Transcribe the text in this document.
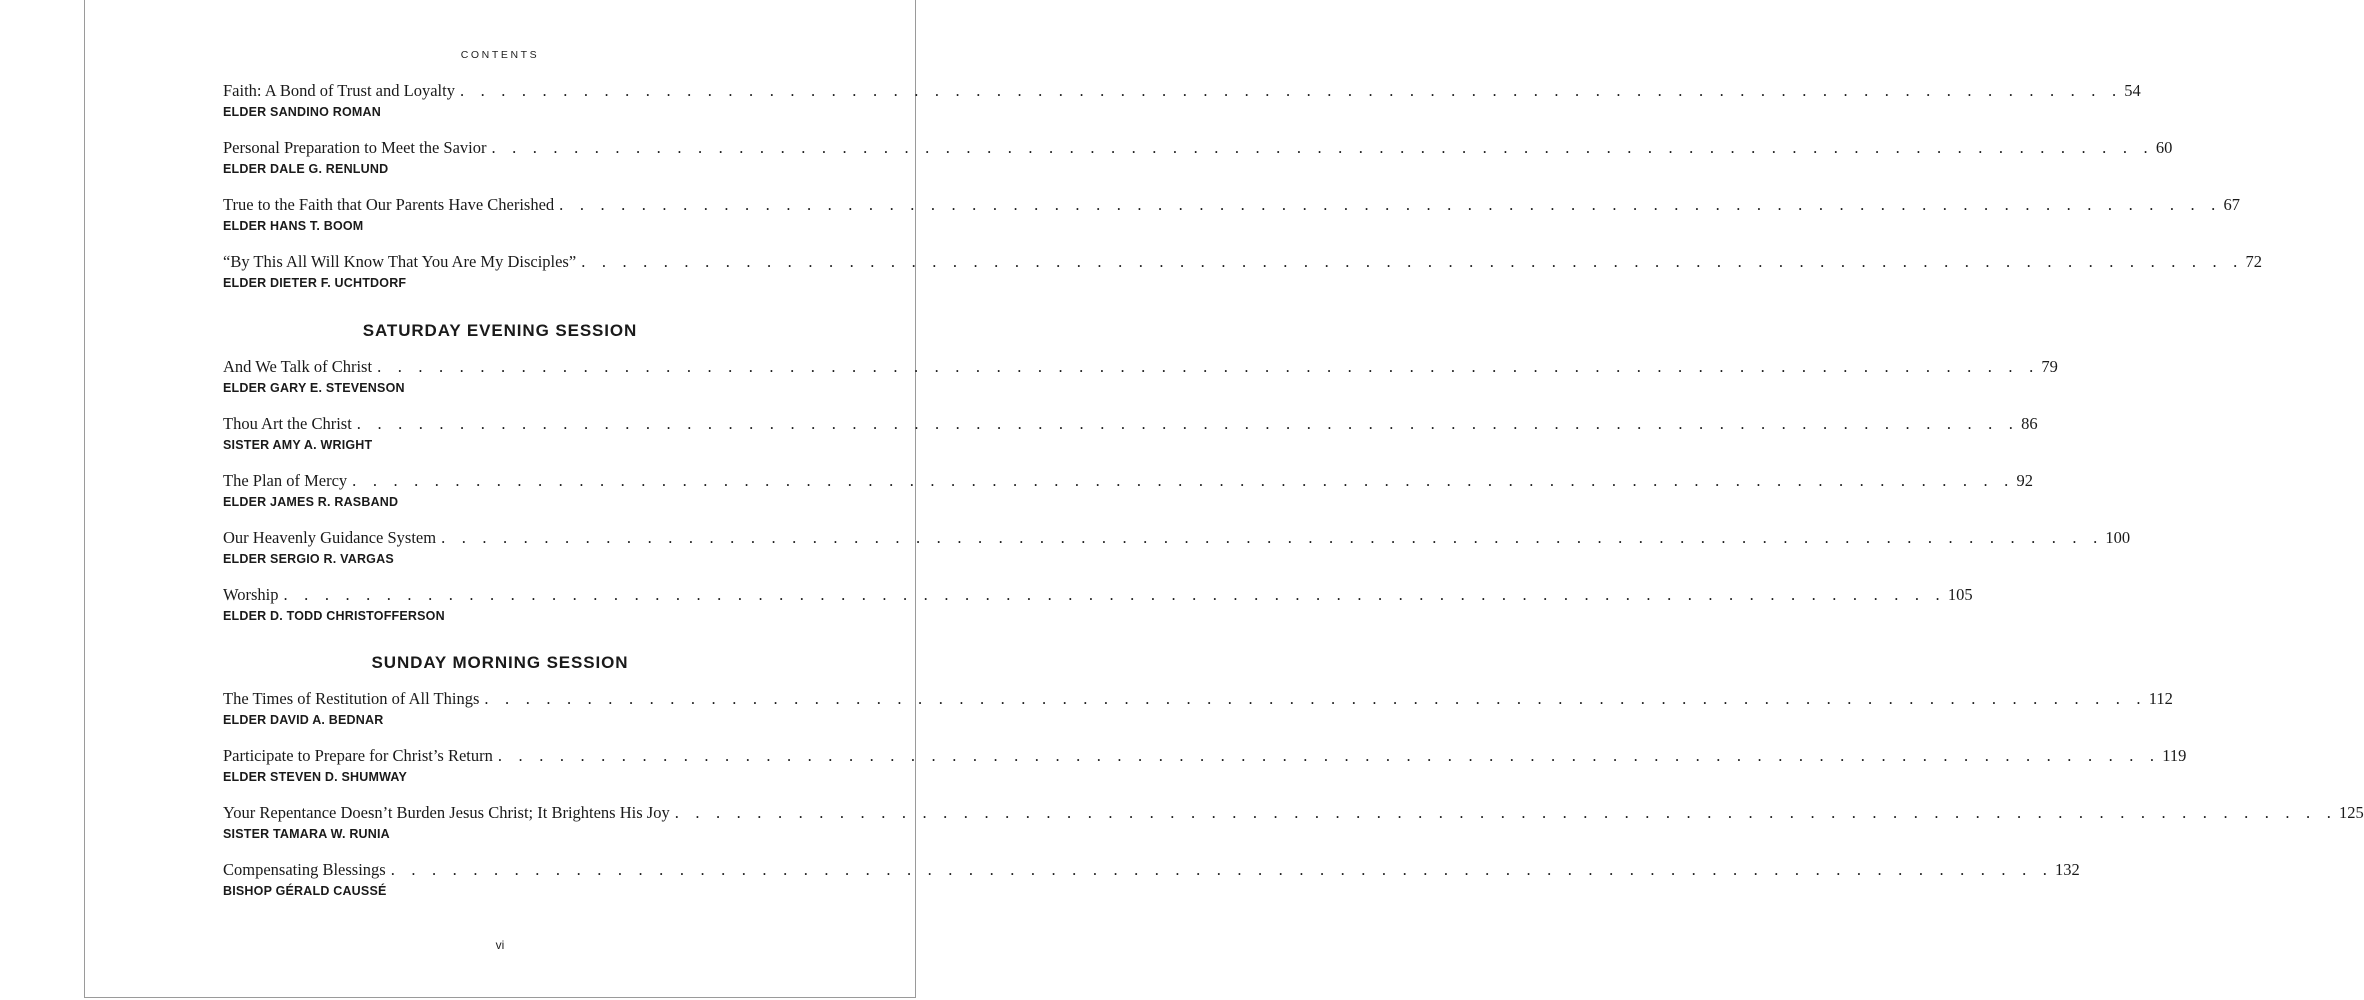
CONTENTS
Faith: A Bond of Trust and Loyalty . . . . . . . . . . . . . . . . . . . . . . . . . . . . . . . . . . . . . . . . . . . . . . . . . . . . . . . . . . . . . . . . . . . . . . . . . . . . . . . . . 54
ELDER SANDINO ROMAN
Personal Preparation to Meet the Savior . . . . . . . . . . . . . . . . . . . . . . . . . . . . . . . . . . . . . . . . . . . . . . . . . . . . . . . . . . . . . . . . . . . . . . . . . . . . . . . . . 60
ELDER DALE G. RENLUND
True to the Faith that Our Parents Have Cherished . . . . . . . . . . . . . . . . . . . . . . . . . . . . . . . . . . . . . . . . . . . . . . . . . . . . . . . . . . . . . . . . . . . . . . . . . . . . . . . . . 67
ELDER HANS T. BOOM
“By This All Will Know That You Are My Disciples” . . . . . . . . . . . . . . . . . . . . . . . . . . . . . . . . . . . . . . . . . . . . . . . . . . . . . . . . . . . . . . . . . . . . . . . . . . . . . . . . . 72
ELDER DIETER F. UCHTDORF
SATURDAY EVENING SESSION
And We Talk of Christ . . . . . . . . . . . . . . . . . . . . . . . . . . . . . . . . . . . . . . . . . . . . . . . . . . . . . . . . . . . . . . . . . . . . . . . . . . . . . . . . . 79
ELDER GARY E. STEVENSON
Thou Art the Christ . . . . . . . . . . . . . . . . . . . . . . . . . . . . . . . . . . . . . . . . . . . . . . . . . . . . . . . . . . . . . . . . . . . . . . . . . . . . . . . . . 86
SISTER AMY A. WRIGHT
The Plan of Mercy . . . . . . . . . . . . . . . . . . . . . . . . . . . . . . . . . . . . . . . . . . . . . . . . . . . . . . . . . . . . . . . . . . . . . . . . . . . . . . . . . 92
ELDER JAMES R. RASBAND
Our Heavenly Guidance System . . . . . . . . . . . . . . . . . . . . . . . . . . . . . . . . . . . . . . . . . . . . . . . . . . . . . . . . . . . . . . . . . . . . . . . . . . . . . . . . . 100
ELDER SERGIO R. VARGAS
Worship . . . . . . . . . . . . . . . . . . . . . . . . . . . . . . . . . . . . . . . . . . . . . . . . . . . . . . . . . . . . . . . . . . . . . . . . . . . . . . . . . 105
ELDER D. TODD CHRISTOFFERSON
SUNDAY MORNING SESSION
The Times of Restitution of All Things . . . . . . . . . . . . . . . . . . . . . . . . . . . . . . . . . . . . . . . . . . . . . . . . . . . . . . . . . . . . . . . . . . . . . . . . . . . . . . . . . 112
ELDER DAVID A. BEDNAR
Participate to Prepare for Christ’s Return . . . . . . . . . . . . . . . . . . . . . . . . . . . . . . . . . . . . . . . . . . . . . . . . . . . . . . . . . . . . . . . . . . . . . . . . . . . . . . . . . 119
ELDER STEVEN D. SHUMWAY
Your Repentance Doesn’t Burden Jesus Christ; It Brightens His Joy . . . . . . . . . . . . . . . . . . . . . . . . . . . . . . . . . . . . . . . . . . . . . . . . . . . . . . . . . . . . . . . . . . . . . . . . . . . . . . . . . 125
SISTER TAMARA W. RUNIA
Compensating Blessings . . . . . . . . . . . . . . . . . . . . . . . . . . . . . . . . . . . . . . . . . . . . . . . . . . . . . . . . . . . . . . . . . . . . . . . . . . . . . . . . . 132
BISHOP GÉRALD CAUSSÉ
vi
